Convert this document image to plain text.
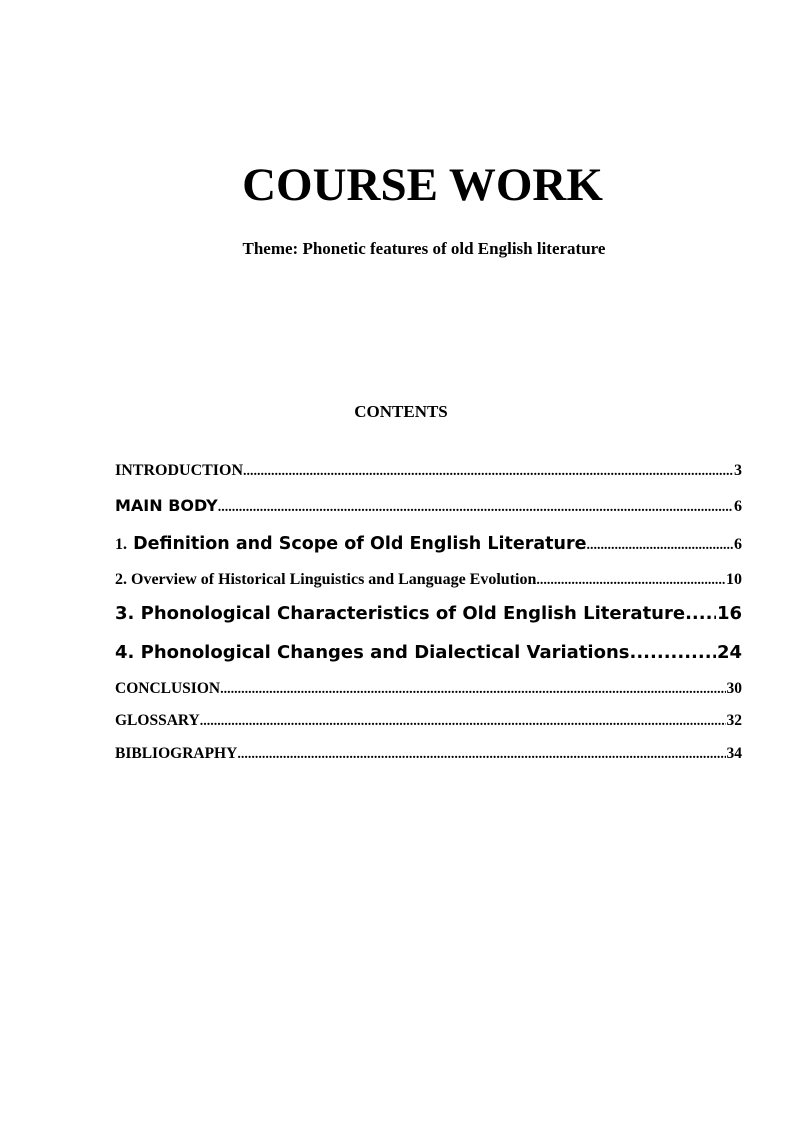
COURSE WORK
Theme: Phonetic features of old English literature
CONTENTS
INTRODUCTION .....	3
MAIN BODY .....	6
1. Definition and Scope of Old English Literature .....	6
2. Overview of Historical Linguistics and Language Evolution .....	10
3. Phonological Characteristics of Old English Literature ..... 16
4. Phonological Changes and Dialectical Variations .....	24
CONCLUSION .....	30
GLOSSARY .....	32
BIBLIOGRAPHY .....	34
